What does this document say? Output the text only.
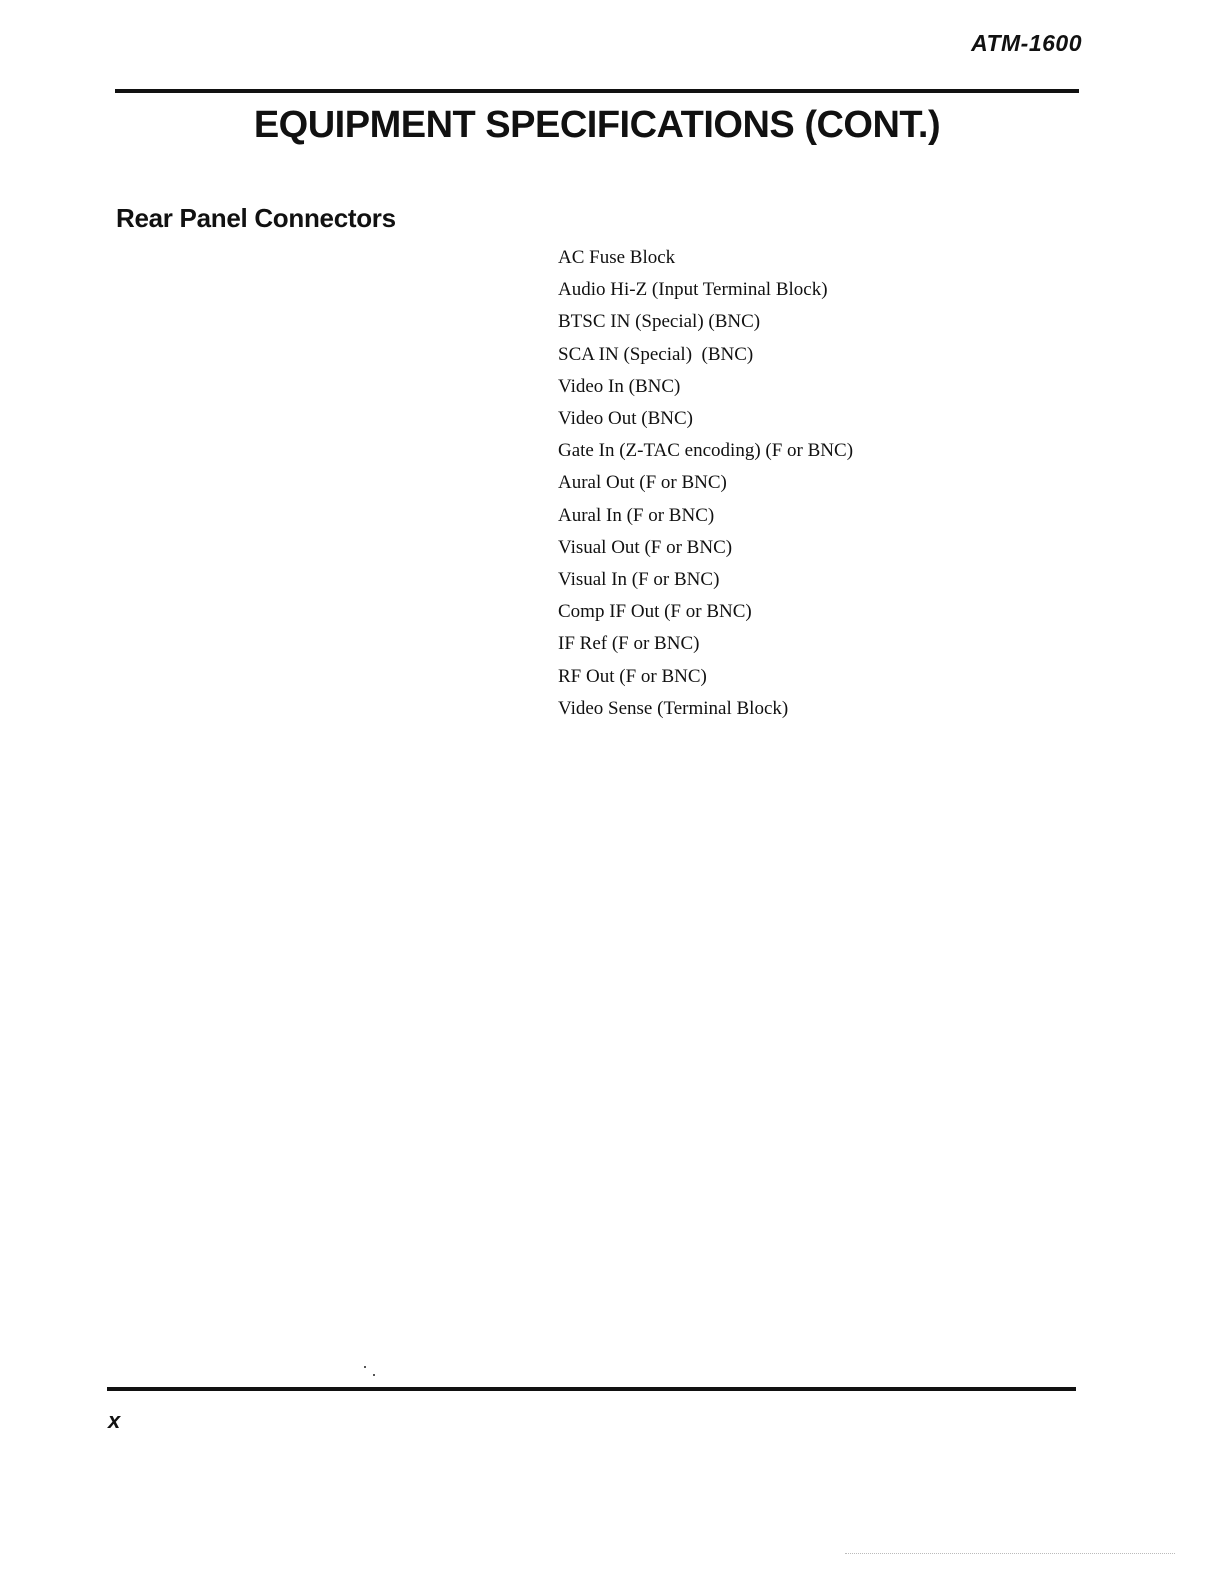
ATM-1600
EQUIPMENT SPECIFICATIONS (CONT.)
Rear Panel Connectors
AC Fuse Block
Audio Hi-Z (Input Terminal Block)
BTSC IN (Special) (BNC)
SCA IN (Special)  (BNC)
Video In (BNC)
Video Out (BNC)
Gate In (Z-TAC encoding) (F or BNC)
Aural Out (F or BNC)
Aural In (F or BNC)
Visual Out (F or BNC)
Visual In (F or BNC)
Comp IF Out (F or BNC)
IF Ref (F or BNC)
RF Out (F or BNC)
Video Sense (Terminal Block)
x
